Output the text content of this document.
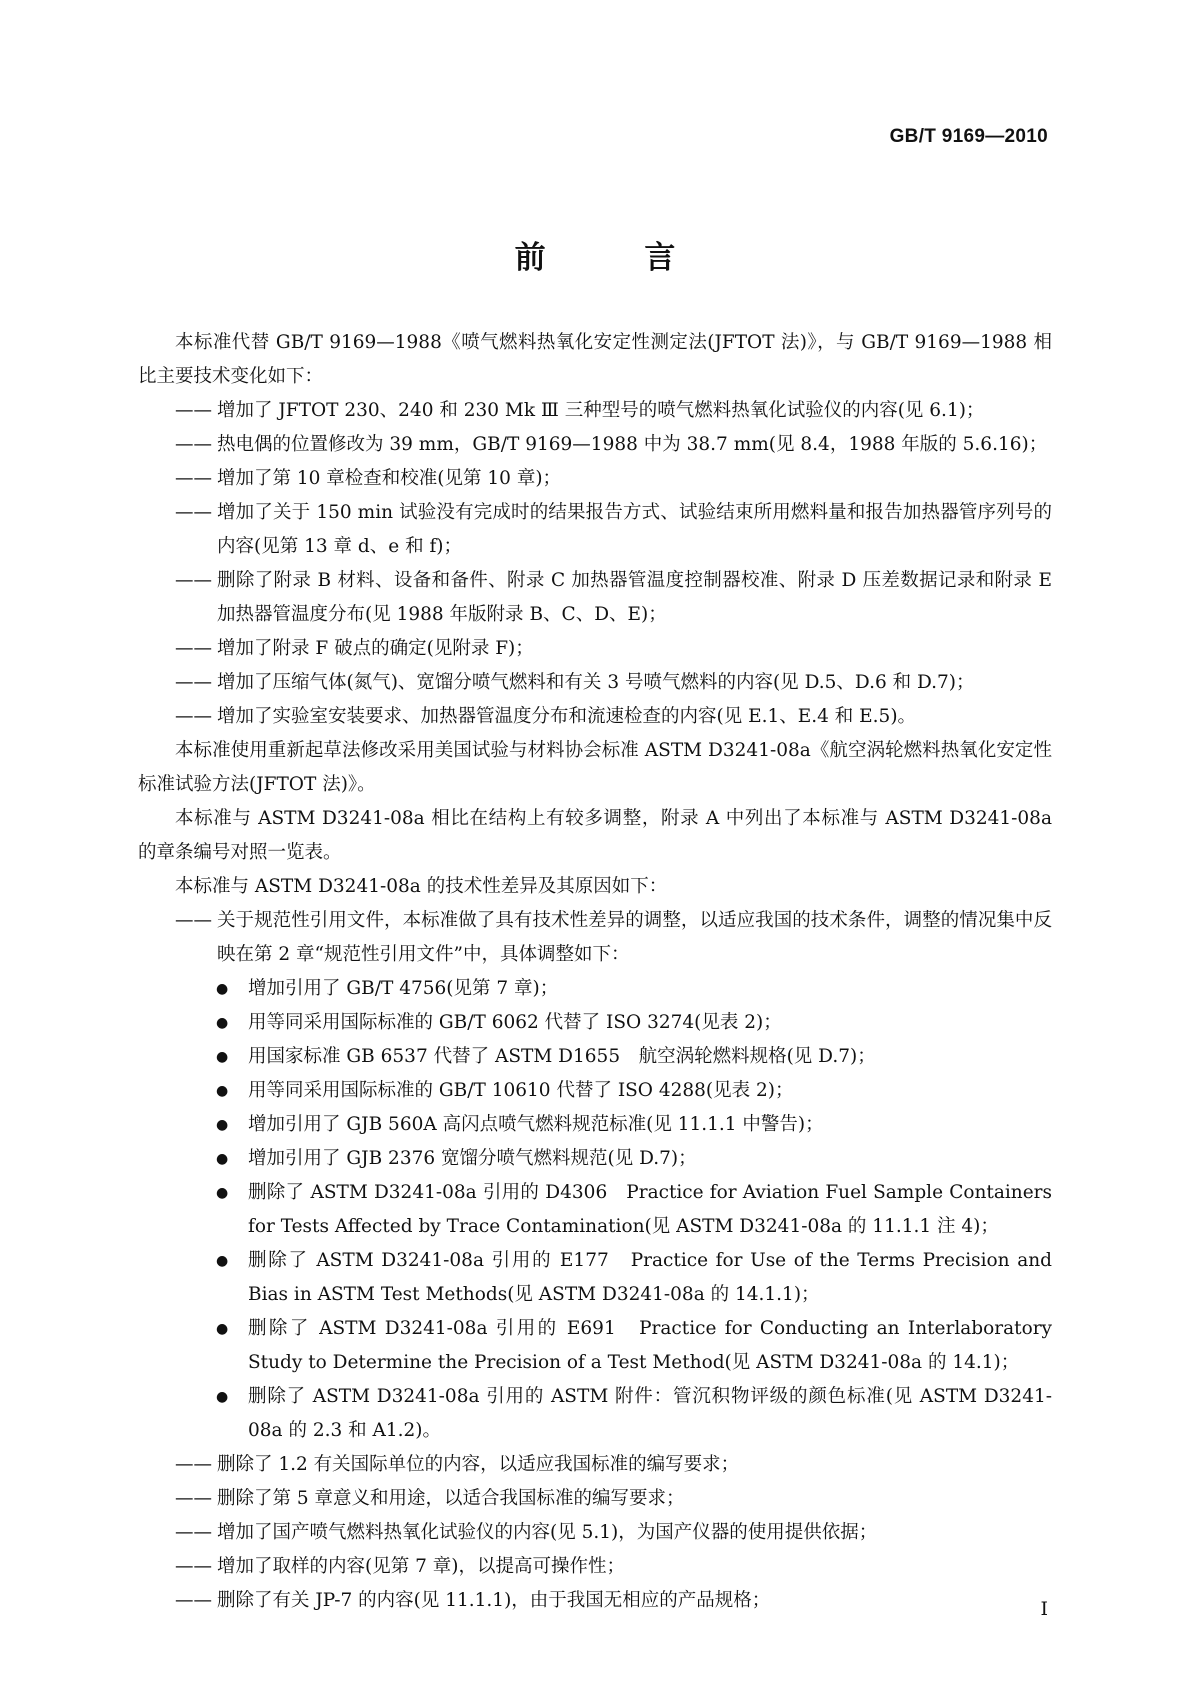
GB/T 9169—2010
前 言

本标准代替 GB/T 9169—1988《喷气燃料热氧化安定性测定法(JFTOT 法)》，与 GB/T 9169—1988 相比主要技术变化如下：

—— 增加了 JFTOT 230、240 和 230 Mk Ⅲ 三种型号的喷气燃料热氧化试验仪的内容(见 6.1)；
—— 热电偶的位置修改为 39 mm，GB/T 9169—1988 中为 38.7 mm(见 8.4，1988 年版的 5.6.16)；
—— 增加了第 10 章检查和校准(见第 10 章)；
—— 增加了关于 150 min 试验没有完成时的结果报告方式、试验结束所用燃料量和报告加热器管序列号的内容(见第 13 章 d、e 和 f)；
—— 删除了附录 B 材料、设备和备件、附录 C 加热器管温度控制器校准、附录 D 压差数据记录和附录 E 加热器管温度分布(见 1988 年版附录 B、C、D、E)；
—— 增加了附录 F 破点的确定(见附录 F)；
—— 增加了压缩气体(氮气)、宽馏分喷气燃料和有关 3 号喷气燃料的内容(见 D.5、D.6 和 D.7)；
—— 增加了实验室安装要求、加热器管温度分布和流速检查的内容(见 E.1、E.4 和 E.5)。

本标准使用重新起草法修改采用美国试验与材料协会标准 ASTM D3241-08a《航空涡轮燃料热氧化安定性标准试验方法(JFTOT 法)》。

本标准与 ASTM D3241-08a 相比在结构上有较多调整，附录 A 中列出了本标准与 ASTM D3241-08a 的章条编号对照一览表。

本标准与 ASTM D3241-08a 的技术性差异及其原因如下：

—— 关于规范性引用文件，本标准做了具有技术性差异的调整，以适应我国的技术条件，调整的情况集中反映在第 2 章“规范性引用文件”中，具体调整如下：
●	增加引用了 GB/T 4756(见第 7 章)；
●	用等同采用国际标准的 GB/T 6062 代替了 ISO 3274(见表 2)；
●	用国家标准 GB 6537 代替了 ASTM D1655　航空涡轮燃料规格(见 D.7)；
●	用等同采用国际标准的 GB/T 10610 代替了 ISO 4288(见表 2)；
●	增加引用了 GJB 560A 高闪点喷气燃料规范标准(见 11.1.1 中警告)；
●	增加引用了 GJB 2376 宽馏分喷气燃料规范(见 D.7)；
●	删除了 ASTM D3241-08a 引用的 D4306　Practice for Aviation Fuel Sample Containers for Tests Affected by Trace Contamination(见 ASTM D3241-08a 的 11.1.1 注 4)；
●	删除了 ASTM D3241-08a 引用的 E177　Practice for Use of the Terms Precision and Bias in ASTM Test Methods(见 ASTM D3241-08a 的 14.1.1)；
●	删除了 ASTM D3241-08a 引用的 E691　Practice for Conducting an Interlaboratory Study to Determine the Precision of a Test Method(见 ASTM D3241-08a 的 14.1)；
●	删除了 ASTM D3241-08a 引用的 ASTM 附件：管沉积物评级的颜色标准(见 ASTM D3241-08a 的 2.3 和 A1.2)。
—— 删除了 1.2 有关国际单位的内容，以适应我国标准的编写要求；
—— 删除了第 5 章意义和用途，以适合我国标准的编写要求；
—— 增加了国产喷气燃料热氧化试验仪的内容(见 5.1)，为国产仪器的使用提供依据；
—— 增加了取样的内容(见第 7 章)，以提高可操作性；
—— 删除了有关 JP-7 的内容(见 11.1.1)，由于我国无相应的产品规格；	I
